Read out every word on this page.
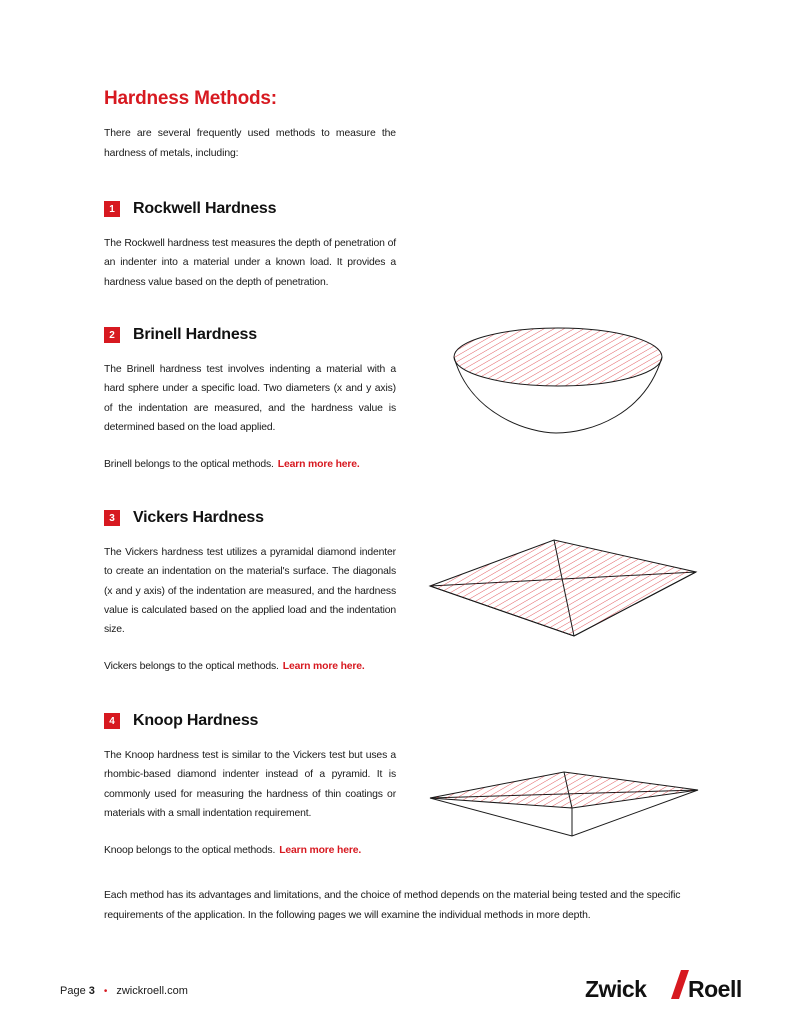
Hardness Methods:

There are several frequently used methods to measure the hardness of metals, including:

1	Rockwell Hardness

The Rockwell hardness test measures the depth of penetration of an indenter into a material under a known load. It provides a hardness value based on the depth of penetration.

2	Brinell Hardness

The Brinell hardness test involves indenting a material with a hard sphere under a specific load. Two diameters (x and y axis) of the indentation are measured, and the hardness value is determined based on the load applied.

Brinell belongs to the optical methods. Learn more here.

3	Vickers Hardness

The Vickers hardness test utilizes a pyramidal diamond indenter to create an indentation on the material's surface. The diagonals (x and y axis) of the indentation are measured, and the hardness value is calculated based on the applied load and the indentation size.

Vickers belongs to the optical methods. Learn more here.

4	Knoop Hardness

The Knoop hardness test is similar to the Vickers test but uses a rhombic-based diamond indenter instead of a pyramid. It is commonly used for measuring the hardness of thin coatings or materials with a small indentation requirement.

Knoop belongs to the optical methods. Learn more here.

Each method has its advantages and limitations, and the choice of method depends on the material being tested and the specific requirements of the application. In the following pages we will examine the individual methods in more depth.

Page 3 • zwickroell.com	Zwick Roell
